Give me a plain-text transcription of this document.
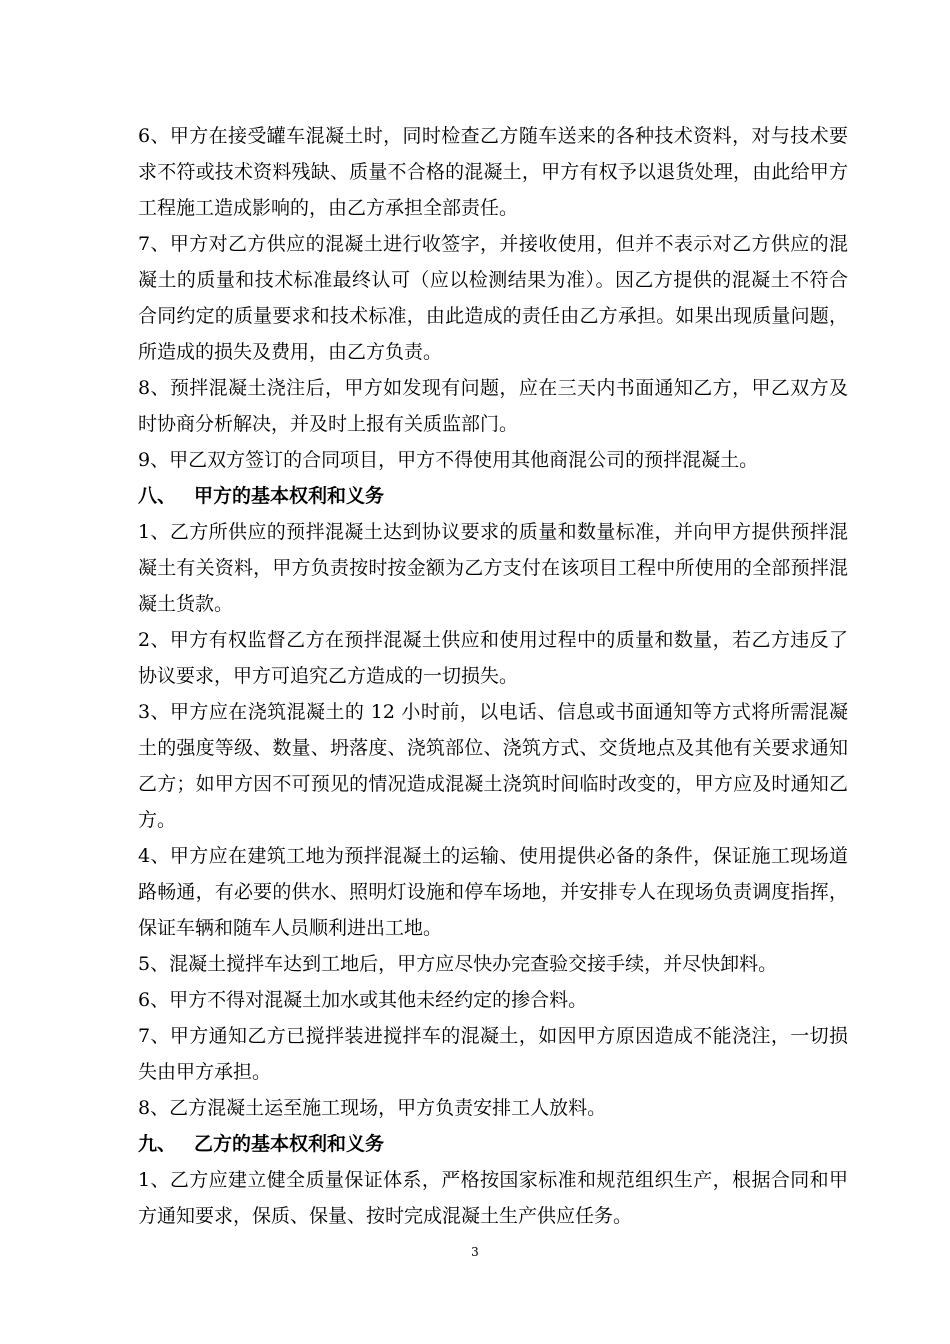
6、甲方在接受罐车混凝土时，同时检查乙方随车送来的各种技术资料，对与技术要求不符或技术资料残缺、质量不合格的混凝土，甲方有权予以退货处理，由此给甲方工程施工造成影响的，由乙方承担全部责任。

7、甲方对乙方供应的混凝土进行收签字，并接收使用，但并不表示对乙方供应的混凝土的质量和技术标准最终认可（应以检测结果为准）。因乙方提供的混凝土不符合合同约定的质量要求和技术标准，由此造成的责任由乙方承担。如果出现质量问题，所造成的损失及费用，由乙方负责。

8、预拌混凝土浇注后，甲方如发现有问题，应在三天内书面通知乙方，甲乙双方及时协商分析解决，并及时上报有关质监部门。

9、甲乙双方签订的合同项目，甲方不得使用其他商混公司的预拌混凝土。

八、 甲方的基本权利和义务

1、乙方所供应的预拌混凝土达到协议要求的质量和数量标准，并向甲方提供预拌混凝土有关资料，甲方负责按时按金额为乙方支付在该项目工程中所使用的全部预拌混凝土货款。

2、甲方有权监督乙方在预拌混凝土供应和使用过程中的质量和数量，若乙方违反了协议要求，甲方可追究乙方造成的一切损失。

3、甲方应在浇筑混凝土的 12 小时前，以电话、信息或书面通知等方式将所需混凝土的强度等级、数量、坍落度、浇筑部位、浇筑方式、交货地点及其他有关要求通知乙方；如甲方因不可预见的情况造成混凝土浇筑时间临时改变的，甲方应及时通知乙方。

4、甲方应在建筑工地为预拌混凝土的运输、使用提供必备的条件，保证施工现场道路畅通，有必要的供水、照明灯设施和停车场地，并安排专人在现场负责调度指挥，保证车辆和随车人员顺利进出工地。

5、混凝土搅拌车达到工地后，甲方应尽快办完查验交接手续，并尽快卸料。

6、甲方不得对混凝土加水或其他未经约定的掺合料。

7、甲方通知乙方已搅拌装进搅拌车的混凝土，如因甲方原因造成不能浇注，一切损失由甲方承担。

8、乙方混凝土运至施工现场，甲方负责安排工人放料。

九、 乙方的基本权利和义务

1、乙方应建立健全质量保证体系，严格按国家标准和规范组织生产，根据合同和甲方通知要求，保质、保量、按时完成混凝土生产供应任务。

3
